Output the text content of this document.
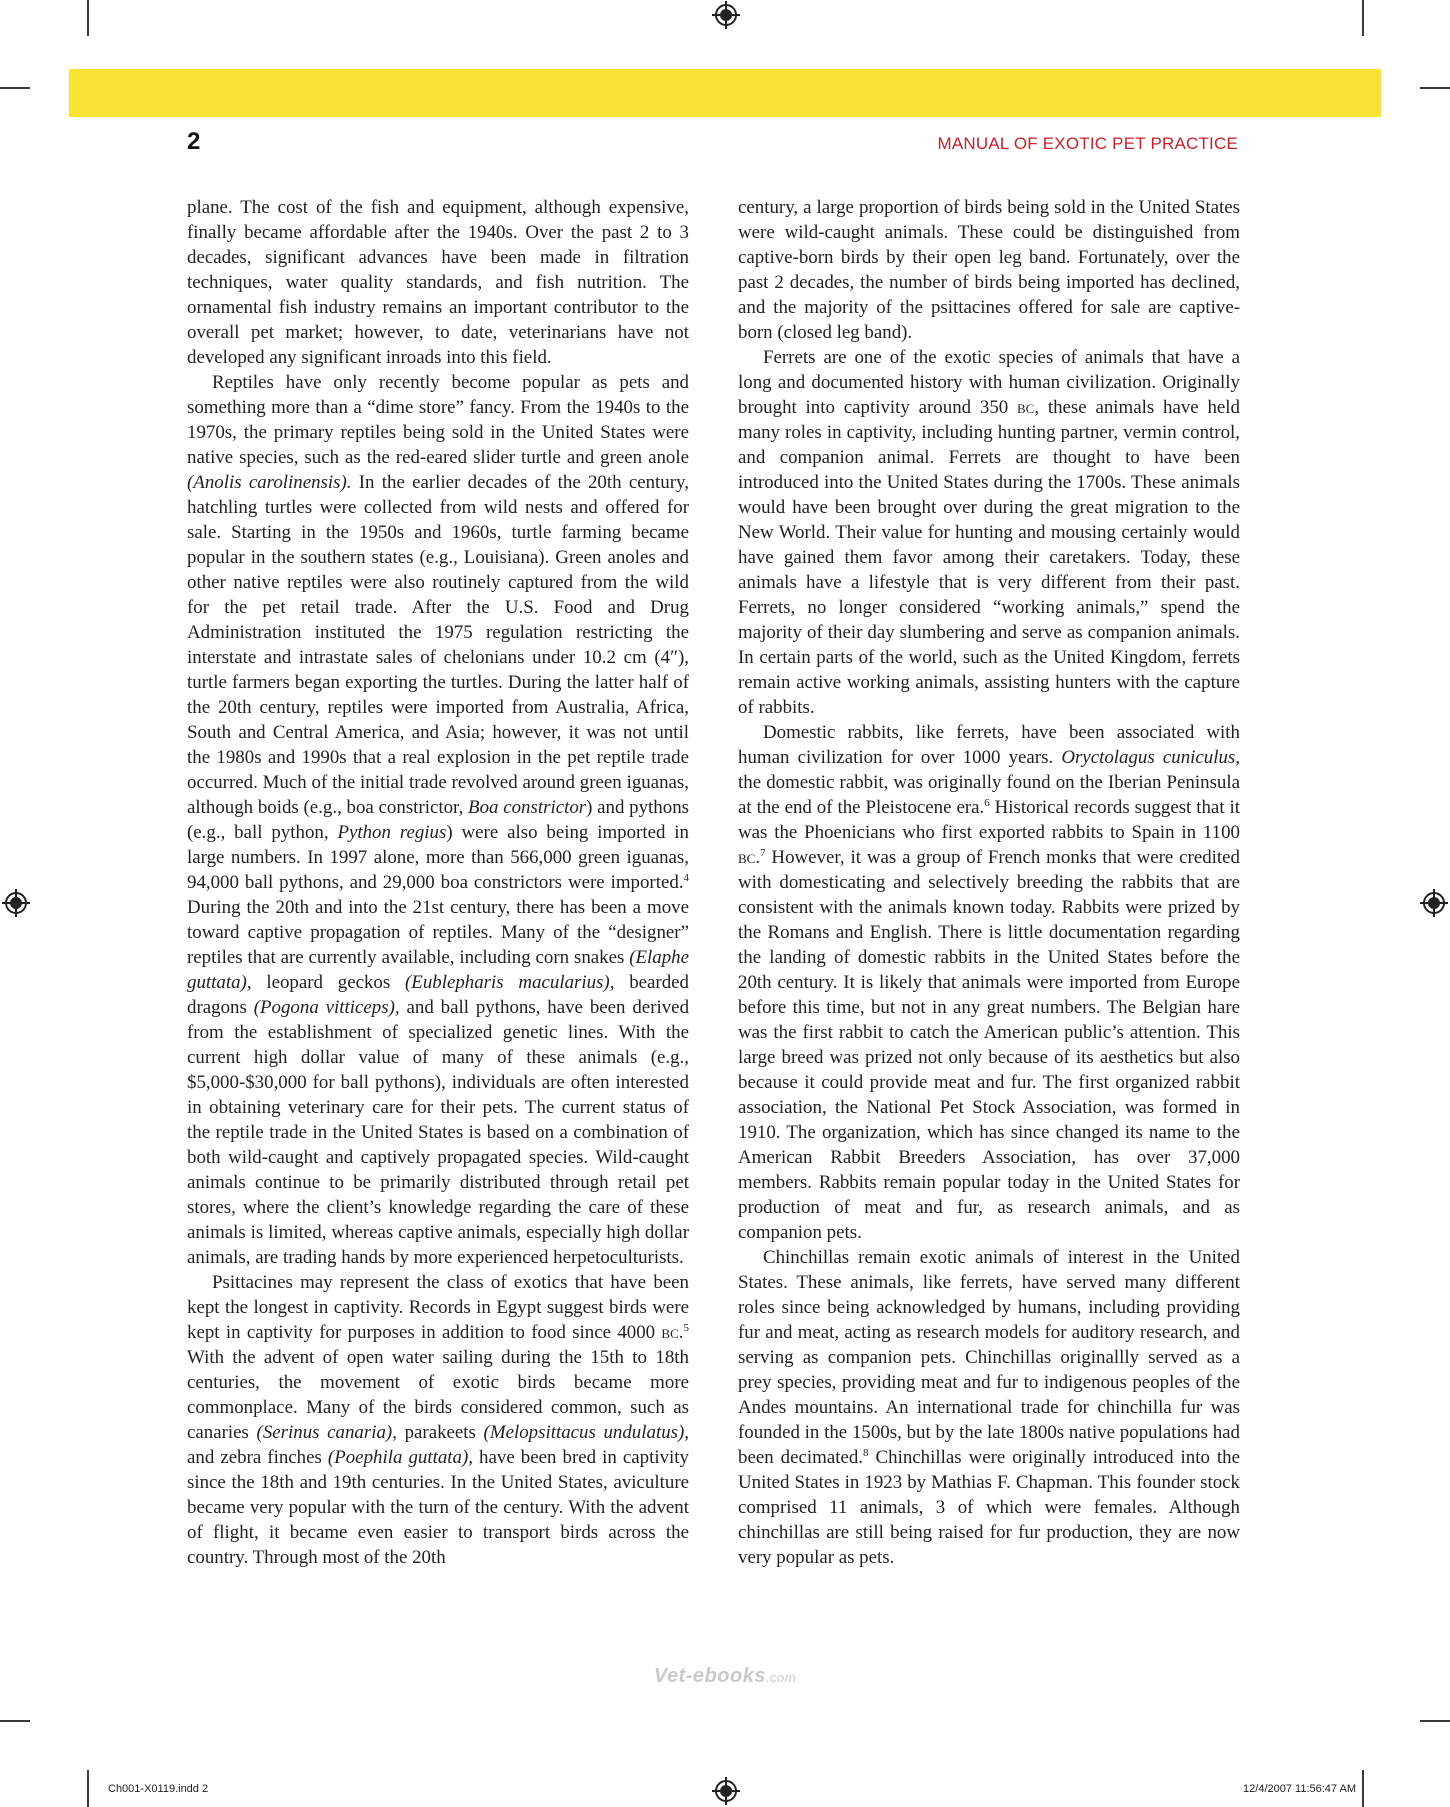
2	MANUAL OF EXOTIC PET PRACTICE

plane. The cost of the fish and equipment, although expensive, finally became affordable after the 1940s. Over the past 2 to 3 decades, significant advances have been made in filtration techniques, water quality standards, and fish nutrition. The ornamental fish industry remains an important contributor to the overall pet market; however, to date, veterinarians have not developed any significant inroads into this field.

Reptiles have only recently become popular as pets and something more than a “dime store” fancy. From the 1940s to the 1970s, the primary reptiles being sold in the United States were native species, such as the red-eared slider turtle and green anole (Anolis carolinensis). In the earlier decades of the 20th century, hatchling turtles were collected from wild nests and offered for sale. Starting in the 1950s and 1960s, turtle farming became popular in the southern states (e.g., Louisiana). Green anoles and other native reptiles were also routinely captured from the wild for the pet retail trade. After the U.S. Food and Drug Administration instituted the 1975 regulation restricting the interstate and intrastate sales of chelonians under 10.2 cm (4″), turtle farmers began exporting the turtles. During the latter half of the 20th century, reptiles were imported from Australia, Africa, South and Central America, and Asia; however, it was not until the 1980s and 1990s that a real explosion in the pet reptile trade occurred. Much of the initial trade revolved around green iguanas, although boids (e.g., boa constrictor, Boa constrictor) and pythons (e.g., ball python, Python regius) were also being imported in large numbers. In 1997 alone, more than 566,000 green iguanas, 94,000 ball pythons, and 29,000 boa constrictors were imported.$^4$ During the 20th and into the 21st century, there has been a move toward captive propagation of reptiles. Many of the “designer” reptiles that are currently available, including corn snakes (Elaphe guttata), leopard geckos (Eublepharis macularius), bearded dragons (Pogona vitticeps), and ball pythons, have been derived from the establishment of specialized genetic lines. With the current high dollar value of many of these animals (e.g., $5,000-$30,000 for ball pythons), individuals are often interested in obtaining veterinary care for their pets. The current status of the reptile trade in the United States is based on a combination of both wild-caught and captively propagated species. Wild-caught animals continue to be primarily distributed through retail pet stores, where the client’s knowledge regarding the care of these animals is limited, whereas captive animals, especially high dollar animals, are trading hands by more experienced herpetoculturists.

Psittacines may represent the class of exotics that have been kept the longest in captivity. Records in Egypt suggest birds were kept in captivity for purposes in addition to food since 4000 bc.$^5$ With the advent of open water sailing during the 15th to 18th centuries, the movement of exotic birds became more commonplace. Many of the birds considered common, such as canaries (Serinus canaria), parakeets (Melopsittacus undulatus), and zebra finches (Poephila guttata), have been bred in captivity since the 18th and 19th centuries. In the United States, aviculture became very popular with the turn of the century. With the advent of flight, it became even easier to transport birds across the country. Through most of the 20th

century, a large proportion of birds being sold in the United States were wild-caught animals. These could be distinguished from captive-born birds by their open leg band. Fortunately, over the past 2 decades, the number of birds being imported has declined, and the majority of the psittacines offered for sale are captive-born (closed leg band).

Ferrets are one of the exotic species of animals that have a long and documented history with human civilization. Originally brought into captivity around 350 bc, these animals have held many roles in captivity, including hunting partner, vermin control, and companion animal. Ferrets are thought to have been introduced into the United States during the 1700s. These animals would have been brought over during the great migration to the New World. Their value for hunting and mousing certainly would have gained them favor among their caretakers. Today, these animals have a lifestyle that is very different from their past. Ferrets, no longer considered “working animals,” spend the majority of their day slumbering and serve as companion animals. In certain parts of the world, such as the United Kingdom, ferrets remain active working animals, assisting hunters with the capture of rabbits.

Domestic rabbits, like ferrets, have been associated with human civilization for over 1000 years. Oryctolagus cuniculus, the domestic rabbit, was originally found on the Iberian Peninsula at the end of the Pleistocene era.$^6$ Historical records suggest that it was the Phoenicians who first exported rabbits to Spain in 1100 bc.$^7$ However, it was a group of French monks that were credited with domesticating and selectively breeding the rabbits that are consistent with the animals known today. Rabbits were prized by the Romans and English. There is little documentation regarding the landing of domestic rabbits in the United States before the 20th century. It is likely that animals were imported from Europe before this time, but not in any great numbers. The Belgian hare was the first rabbit to catch the American public’s attention. This large breed was prized not only because of its aesthetics but also because it could provide meat and fur. The first organized rabbit association, the National Pet Stock Association, was formed in 1910. The organization, which has since changed its name to the American Rabbit Breeders Association, has over 37,000 members. Rabbits remain popular today in the United States for production of meat and fur, as research animals, and as companion pets.

Chinchillas remain exotic animals of interest in the United States. These animals, like ferrets, have served many different roles since being acknowledged by humans, including providing fur and meat, acting as research models for auditory research, and serving as companion pets. Chinchillas originallly served as a prey species, providing meat and fur to indigenous peoples of the Andes mountains. An international trade for chinchilla fur was founded in the 1500s, but by the late 1800s native populations had been decimated.$^8$ Chinchillas were originally introduced into the United States in 1923 by Mathias F. Chapman. This founder stock comprised 11 animals, 3 of which were females. Although chinchillas are still being raised for fur production, they are now very popular as pets.

Vet-ebooks.com
Ch001-X0119.indd 2	12/4/2007 11:56:47 AM
